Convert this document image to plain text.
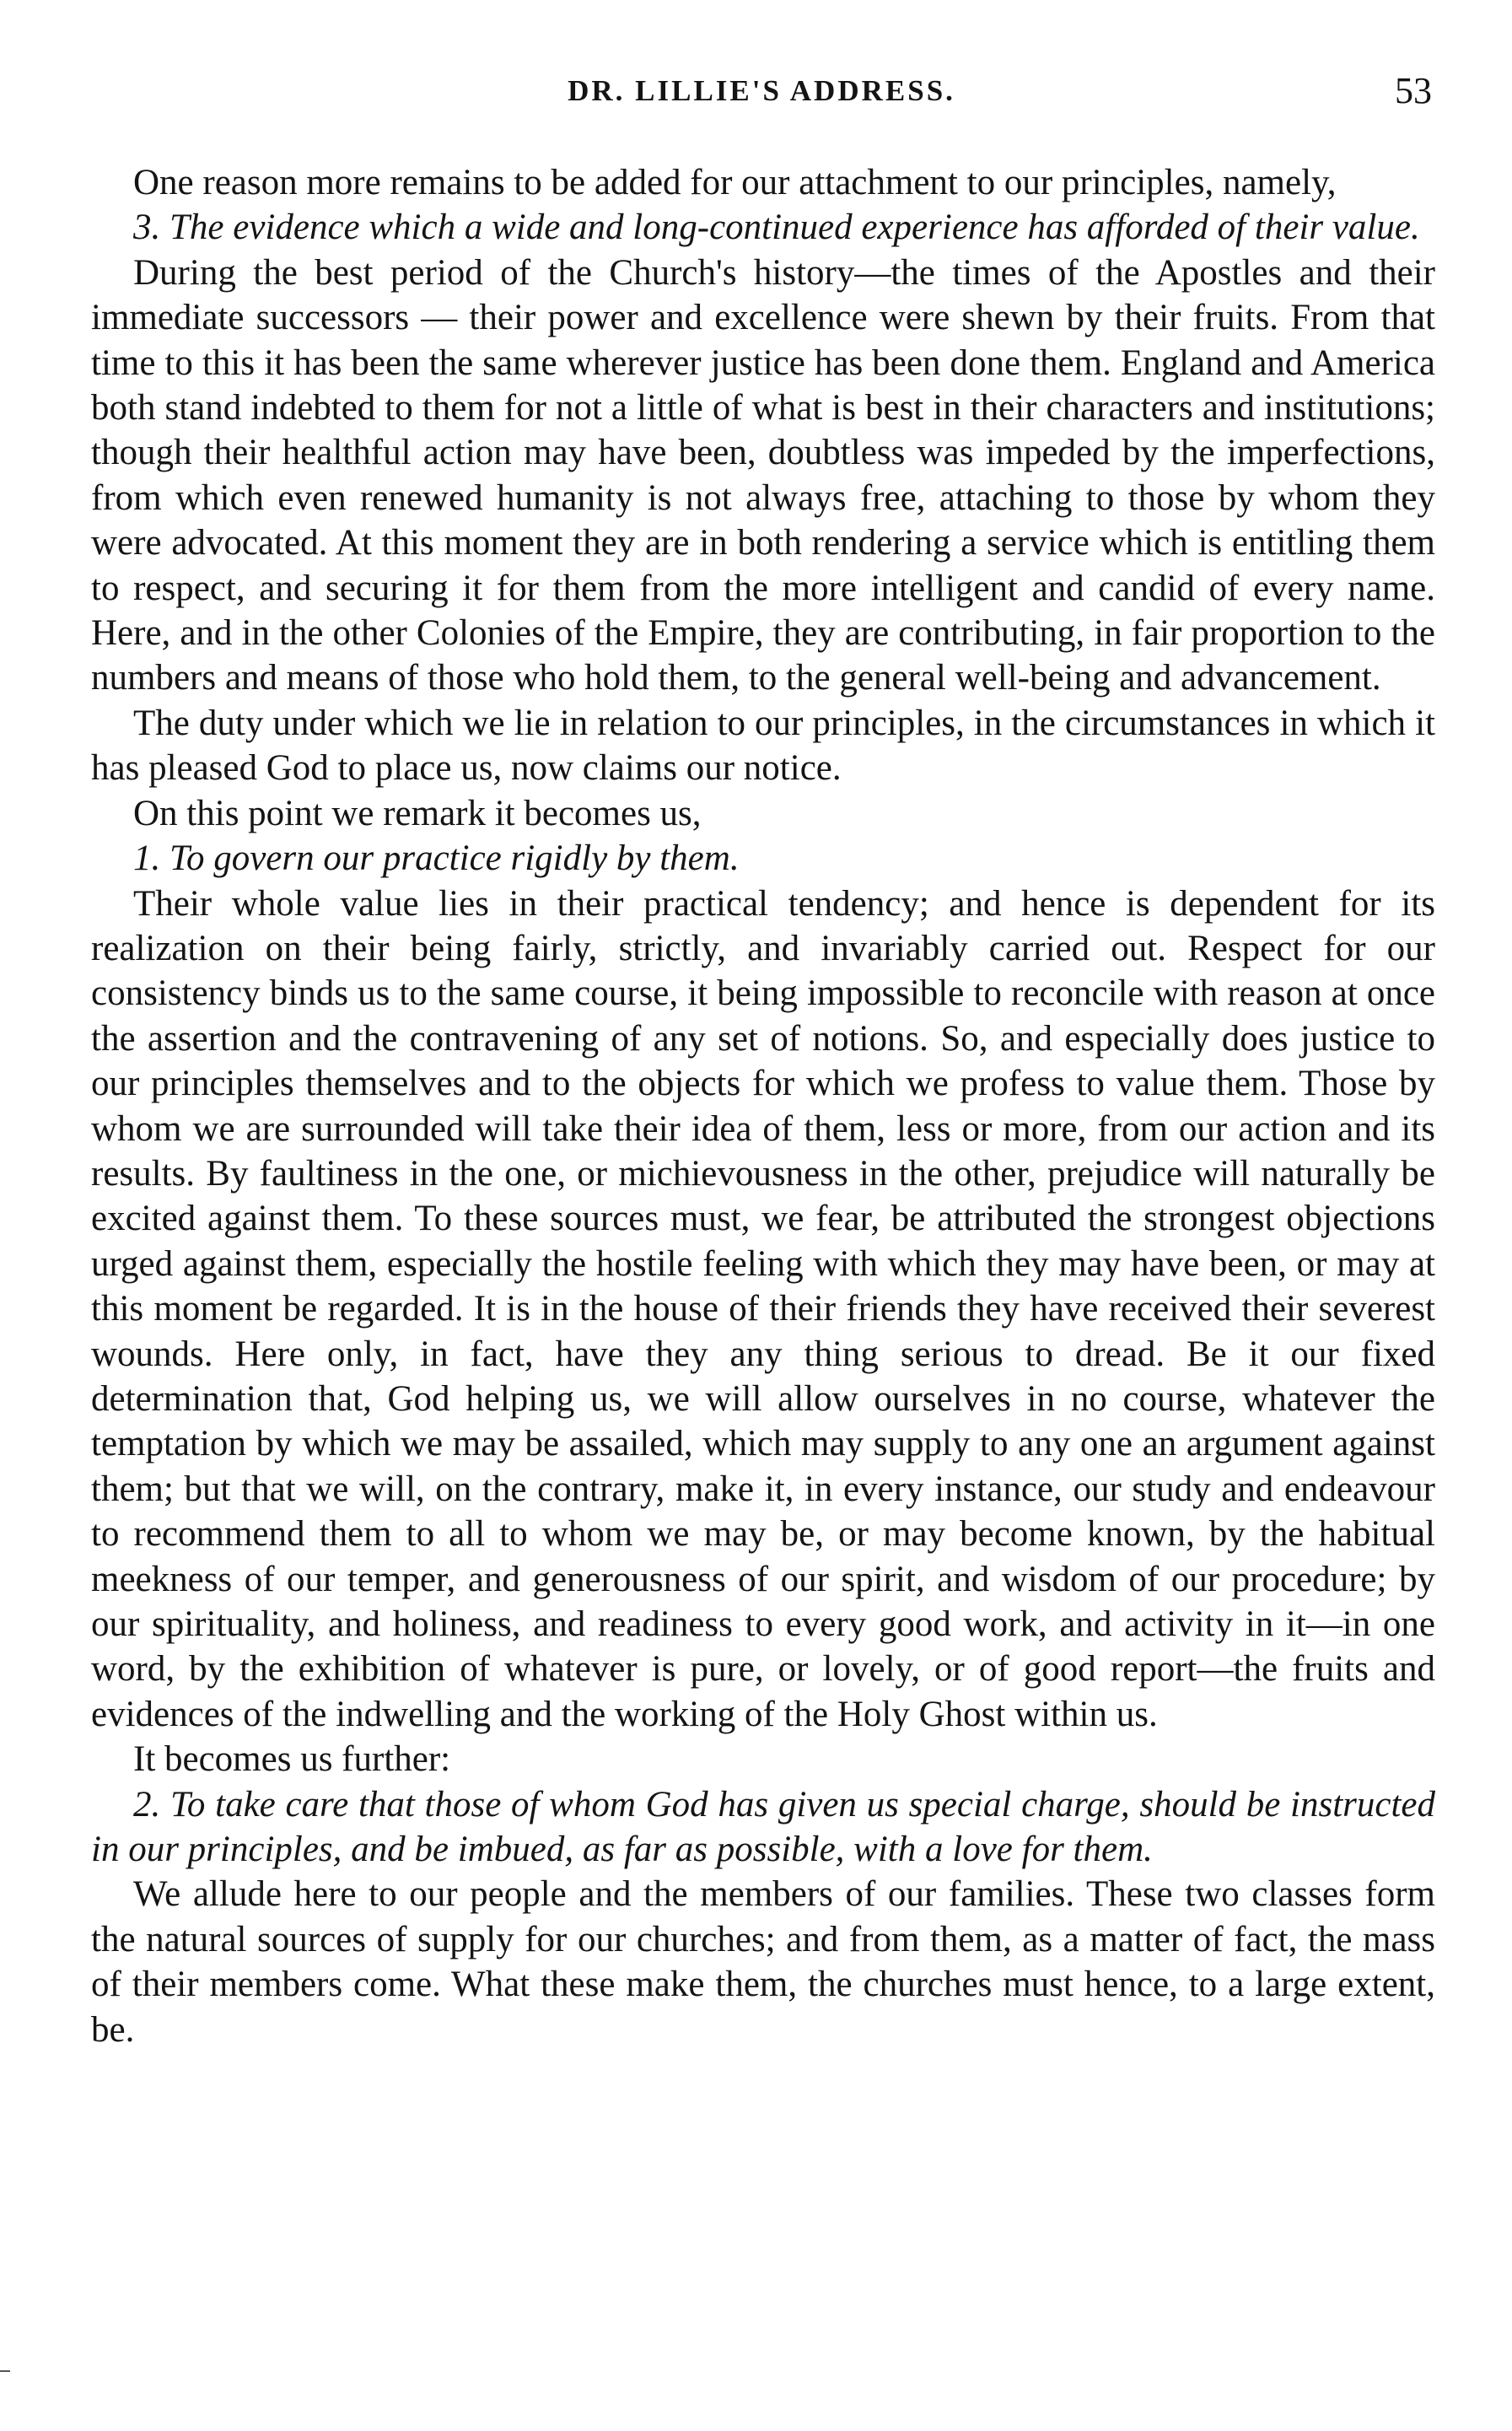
DR. LILLIE'S ADDRESS.	53

One reason more remains to be added for our attachment to our principles, namely,

3. The evidence which a wide and long-continued experience has afforded of their value.

During the best period of the Church's history—the times of the Apostles and their immediate successors — their power and excellence were shewn by their fruits. From that time to this it has been the same wherever justice has been done them. England and America both stand indebted to them for not a little of what is best in their characters and institutions; though their healthful action may have been, doubtless was impeded by the imperfections, from which even renewed humanity is not always free, attaching to those by whom they were advocated. At this moment they are in both rendering a service which is entitling them to respect, and securing it for them from the more intelligent and candid of every name. Here, and in the other Colonies of the Empire, they are contributing, in fair proportion to the numbers and means of those who hold them, to the general well-being and advancement.

The duty under which we lie in relation to our principles, in the circumstances in which it has pleased God to place us, now claims our notice.

On this point we remark it becomes us,

1. To govern our practice rigidly by them.

Their whole value lies in their practical tendency; and hence is dependent for its realization on their being fairly, strictly, and invariably carried out. Respect for our consistency binds us to the same course, it being impossible to reconcile with reason at once the assertion and the contravening of any set of notions. So, and especially does justice to our principles themselves and to the objects for which we profess to value them. Those by whom we are surrounded will take their idea of them, less or more, from our action and its results. By faultiness in the one, or michievousness in the other, prejudice will naturally be excited against them. To these sources must, we fear, be attributed the strongest objections urged against them, especially the hostile feeling with which they may have been, or may at this moment be regarded. It is in the house of their friends they have received their severest wounds. Here only, in fact, have they any thing serious to dread. Be it our fixed determination that, God helping us, we will allow ourselves in no course, whatever the temptation by which we may be assailed, which may supply to any one an argument against them; but that we will, on the contrary, make it, in every instance, our study and endeavour to recommend them to all to whom we may be, or may become known, by the habitual meekness of our temper, and generousness of our spirit, and wisdom of our procedure; by our spirituality, and holiness, and readiness to every good work, and activity in it—in one word, by the exhibition of whatever is pure, or lovely, or of good report—the fruits and evidences of the indwelling and the working of the Holy Ghost within us.

It becomes us further:

2. To take care that those of whom God has given us special charge, should be instructed in our principles, and be imbued, as far as possible, with a love for them.

We allude here to our people and the members of our families. These two classes form the natural sources of supply for our churches; and from them, as a matter of fact, the mass of their members come. What these make them, the churches must hence, to a large extent, be.
